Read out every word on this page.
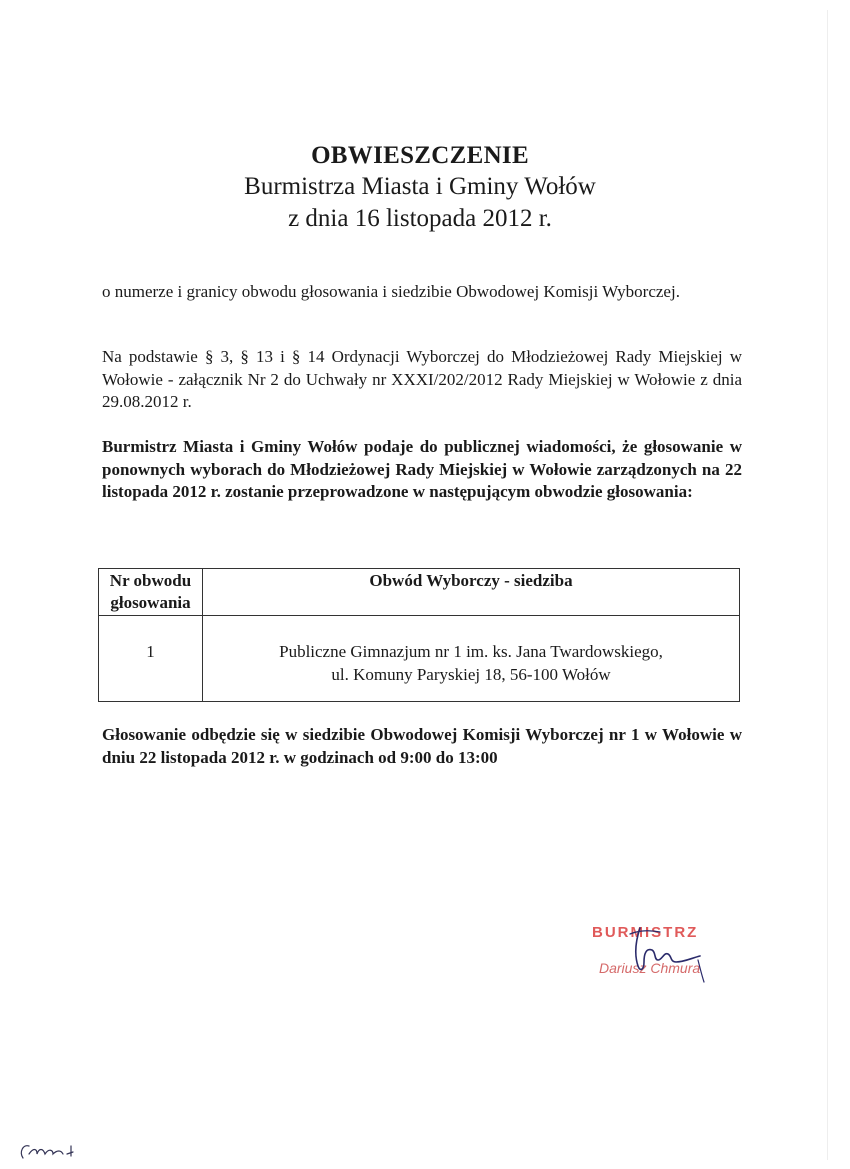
OBWIESZCZENIE
Burmistrza Miasta i Gminy Wołów
z dnia 16 listopada 2012 r.
o numerze i granicy obwodu głosowania i siedzibie Obwodowej Komisji Wyborczej.
Na podstawie § 3, § 13 i § 14 Ordynacji Wyborczej do Młodzieżowej Rady Miejskiej w Wołowie - załącznik Nr 2 do Uchwały nr XXXI/202/2012 Rady Miejskiej w Wołowie z dnia 29.08.2012 r.
Burmistrz Miasta i Gminy Wołów podaje do publicznej wiadomości, że głosowanie w ponownych wyborach do Młodzieżowej Rady Miejskiej w Wołowie zarządzonych na 22 listopada 2012 r. zostanie przeprowadzone w następującym obwodzie głosowania:
Nr obwodu
głosowania	Obwód Wyborczy - siedziba
1	Publiczne Gimnazjum nr 1 im. ks. Jana Twardowskiego,
ul. Komuny Paryskiej 18, 56-100 Wołów
Głosowanie odbędzie się w siedzibie Obwodowej Komisji Wyborczej nr 1 w Wołowie w dniu 22 listopada 2012 r. w godzinach od 9:00 do 13:00
BURMISTRZ
Dariusz Chmura
